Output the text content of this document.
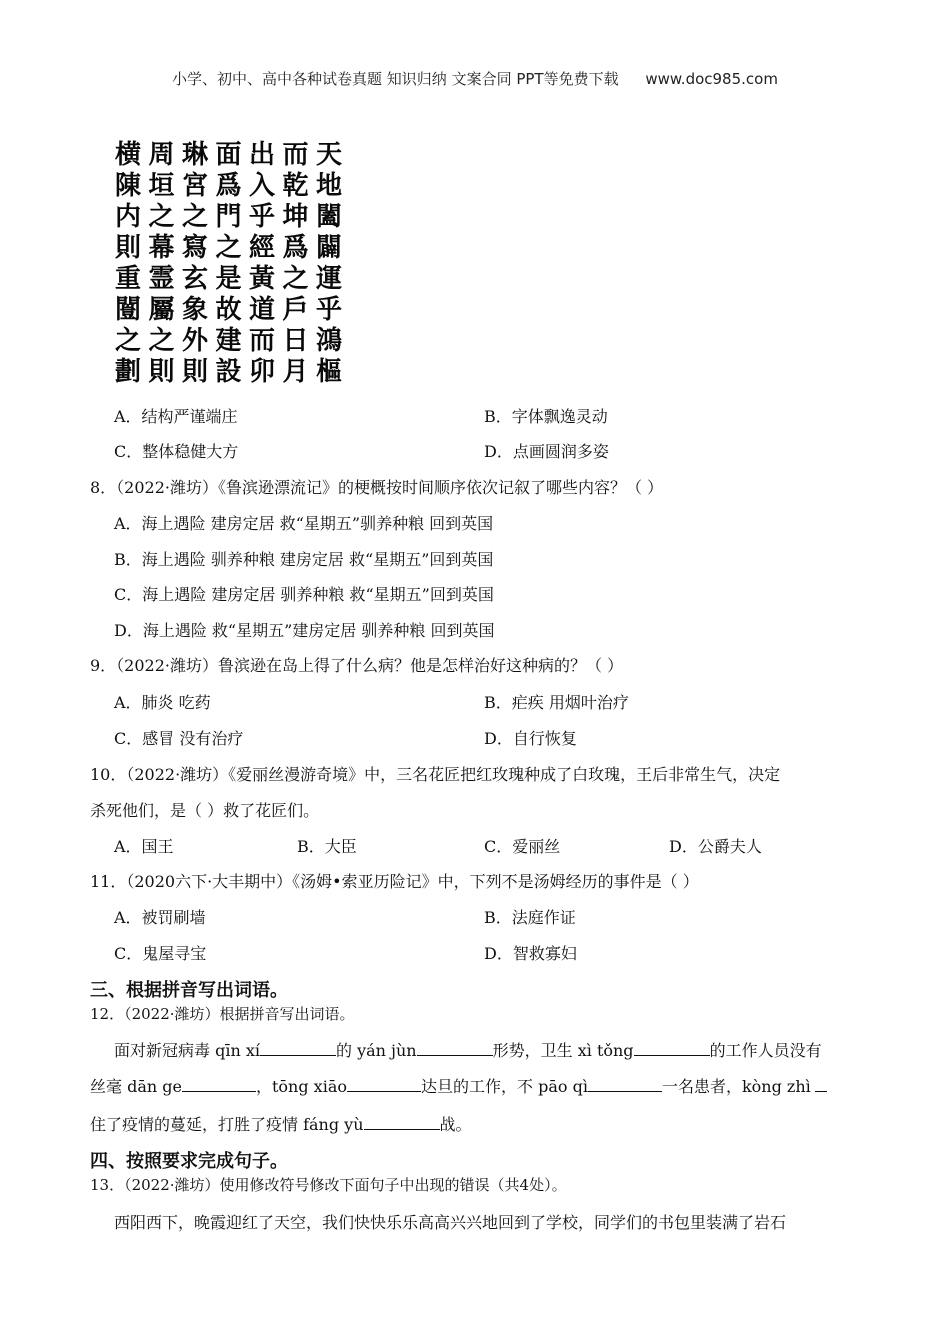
小学、初中、高中各种试卷真题 知识归纳 文案合同 PPT等免费下载 www.doc985.com
天
地
闔
闢
運
乎
鴻
樞
而
乾
坤
爲
之
戶
日
月
出
入
乎
經
黃
道
而
卯
面
爲
門
之
是
故
建
設
琳
宮
之
寫
玄
象
外
則
周
垣
之
幕
霊
屬
之
則
横
陳
内
則
重
闓
之
劃
A．结构严谨端庄	B．字体飘逸灵动
C．整体稳健大方	D．点画圆润多姿
8．（2022·潍坊）《鲁滨逊漂流记》的梗概按时间顺序依次记叙了哪些内容？（ ）
A．海上遇险 建房定居 救“星期五”驯养种粮 回到英国
B．海上遇险 驯养种粮 建房定居 救“星期五”回到英国
C．海上遇险 建房定居 驯养种粮 救“星期五”回到英国
D．海上遇险 救“星期五”建房定居 驯养种粮 回到英国
9．（2022·潍坊）鲁滨逊在岛上得了什么病？他是怎样治好这种病的？（ ）
A．肺炎 吃药	B．疟疾 用烟叶治疗
C．感冒 没有治疗	D．自行恢复
10．（2022·潍坊）《爱丽丝漫游奇境》中，三名花匠把红玫瑰种成了白玫瑰，王后非常生气，决定
杀死他们，是（ ）救了花匠们。
A．国王	B．大臣	C．爱丽丝	D．公爵夫人
11．（2020六下·大丰期中）《汤姆•索亚历险记》中，下列不是汤姆经历的事件是（ ）
A．被罚刷墙	B．法庭作证
C．鬼屋寻宝	D．智救寡妇
三、根据拼音写出词语。
12．（2022·潍坊）根据拼音写出词语。
面对新冠病毒 qīn xí	的 yán jùn	形势，卫生 xì tǒng	的工作人员没有
丝毫 dān ge	，tōng xiāo	达旦的工作，不 pāo qì	一名患者，kòng zhì
住了疫情的蔓延，打胜了疫情 fáng yù	战。
四、按照要求完成句子。
13．（2022·潍坊）使用修改符号修改下面句子中出现的错误（共4处）。
西阳西下，晚霞迎红了天空，我们快快乐乐高高兴兴地回到了学校，同学们的书包里装满了岩石
